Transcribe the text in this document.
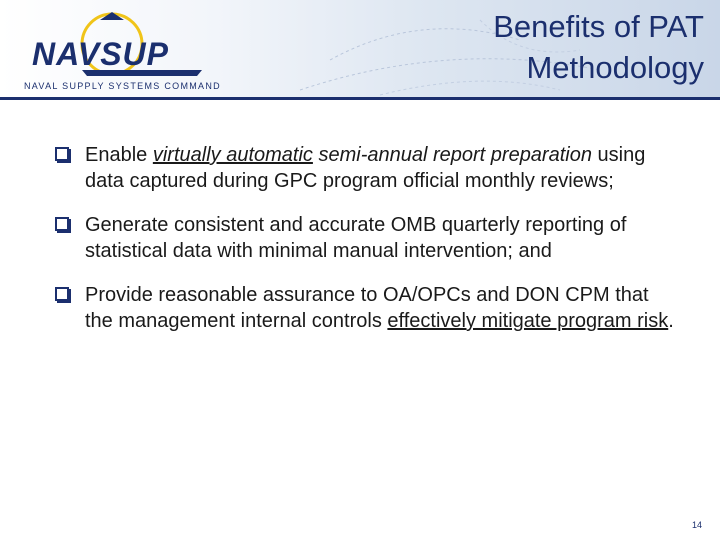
NAVSUP
NAVAL SUPPLY SYSTEMS COMMAND
Benefits of PAT
Methodology
Enable virtually automatic semi-annual report preparation using data captured during GPC program official monthly reviews;
Generate consistent and accurate OMB quarterly reporting of statistical data with minimal manual intervention; and
Provide reasonable assurance to OA/OPCs and DON CPM that the management internal controls effectively mitigate program risk.
14
